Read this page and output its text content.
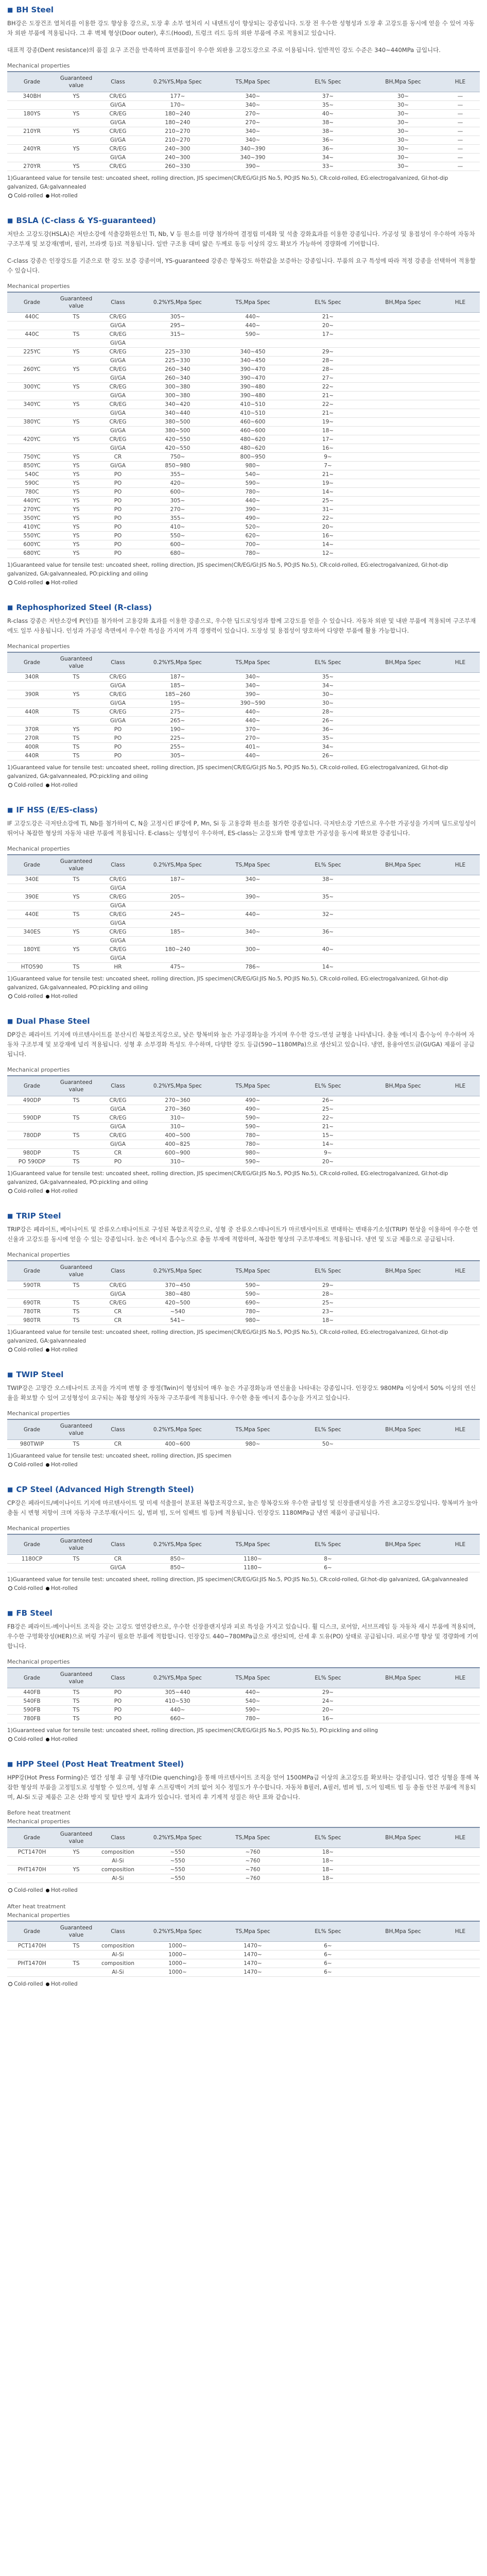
■ BH Steel
BH강은 도장건조 열처리를 이용한 강도 향상용 강으로, 도장 후 소부 열처리 시 내덴트성이 향상되는 강종입니다. 도장 전 우수한 성형성과 도장 후 고강도를 동시에 얻을 수 있어 자동차 외판 부품에 적용됩니다. 그 후 벽체 형상(Door outer), 후드(Hood), 트렁크 리드 등의 외판 부품에 주로 적용되고 있습니다.
대표적 강종(Dent resistance)의 품질 요구 조건을 만족하며 표면품질이 우수한 외판용 고강도강으로 주로 이용됩니다. 일반적인 강도 수준은 340~440MPa 급입니다.
Mechanical properties
Grade	Guaranteed value	Class	0.2%YS,Mpa Spec	TS,Mpa Spec	EL% Spec	BH,Mpa Spec	HLE
340BH	YS	CR/EG	177~	340~	37~	30~	—
		GI/GA	170~	340~	35~	30~	—
180YS	YS	CR/EG	180~240	270~	40~	30~	—
		GI/GA	180~240	270~	38~	30~	—
210YR	YS	CR/EG	210~270	340~	38~	30~	—
		GI/GA	210~270	340~	36~	30~	—
240YR	YS	CR/EG	240~300	340~390	36~	30~	—
		GI/GA	240~300	340~390	34~	30~	—
270YR	YS	CR/EG	260~330	390~	33~	30~	—
1)Guaranteed value for tensile test: uncoated sheet, rolling direction, JIS specimen(CR/EG/GI:JIS No.5, PO:JIS No.5), CR:cold-rolled, EG:electrogalvanized, GI:hot-dip galvanized, GA:galvannealed
Cold-rolled Hot-rolled
■ BSLA (C-class & YS-guaranteed)
저탄소 고강도강(HSLA)은 저탄소강에 석출강화원소인 Ti, Nb, V 등 원소를 미량 첨가하여 결정립 미세화 및 석출 강화효과를 이용한 강종입니다. 가공성 및 용접성이 우수하여 자동차 구조부재 및 보강재(멤버, 필러, 브라켓 등)로 적용됩니다. 일반 구조용 대비 얇은 두께로 동등 이상의 강도 확보가 가능하여 경량화에 기여합니다.
C-class 강종은 인장강도를 기준으로 한 강도 보증 강종이며, YS-guaranteed 강종은 항복강도 하한값을 보증하는 강종입니다. 부품의 요구 특성에 따라 적정 강종을 선택하여 적용할 수 있습니다.
Mechanical properties
Grade	Guaranteed value	Class	0.2%YS,Mpa Spec	TS,Mpa Spec	EL% Spec	BH,Mpa Spec	HLE
440C	TS	CR/EG	305~	440~	21~		
		GI/GA	295~	440~	20~		
440C	TS	CR/EG	315~	590~	17~		
		GI/GA					
225YC	YS	CR/EG	225~330	340~450	29~		
		GI/GA	225~330	340~450	28~		
260YC	YS	CR/EG	260~340	390~470	28~		
		GI/GA	260~340	390~470	27~		
300YC	YS	CR/EG	300~380	390~480	22~		
		GI/GA	300~380	390~480	21~		
340YC	YS	CR/EG	340~420	410~510	22~		
		GI/GA	340~440	410~510	21~		
380YC	YS	CR/EG	380~500	460~600	19~		
		GI/GA	380~500	460~600	18~		
420YC	YS	CR/EG	420~550	480~620	17~		
		GI/GA	420~550	480~620	16~		
750YC	YS	CR	750~	800~950	9~		
850YC	YS	GI/GA	850~980	980~	7~		
540C	YS	PO	355~	540~	21~		
590C	YS	PO	420~	590~	19~		
780C	YS	PO	600~	780~	14~		
440YC	YS	PO	305~	440~	25~		
270YC	YS	PO	270~	390~	31~		
350YC	YS	PO	355~	490~	22~		
410YC	YS	PO	410~	520~	20~		
550YC	YS	PO	550~	620~	16~		
600YC	YS	PO	600~	700~	14~		
680YC	YS	PO	680~	780~	12~		
1)Guaranteed value for tensile test: uncoated sheet, rolling direction, JIS specimen(CR/EG/GI:JIS No.5, PO:JIS No.5), CR:cold-rolled, EG:electrogalvanized, GI:hot-dip galvanized, GA:galvannealed, PO:pickling and oiling
Cold-rolled Hot-rolled
■ Rephosphorized Steel (R-class)
R-class 강종은 저탄소강에 P(인)를 첨가하여 고용강화 효과를 이용한 강종으로, 우수한 딥드로잉성과 함께 고강도를 얻을 수 있습니다. 자동차 외판 및 내판 부품에 적용되며 구조부재에도 일부 사용됩니다. 인성과 가공성 측면에서 우수한 특성을 가지며 가격 경쟁력이 있습니다. 도장성 및 용접성이 양호하여 다양한 부품에 활용 가능합니다.
Mechanical properties
Grade	Guaranteed value	Class	0.2%YS,Mpa Spec	TS,Mpa Spec	EL% Spec	BH,Mpa Spec	HLE
340R	TS	CR/EG	187~	340~	35~		
		GI/GA	185~	340~	34~		
390R	YS	CR/EG	185~260	390~	30~		
		GI/GA	195~	390~590	30~		
440R	TS	CR/EG	275~	440~	28~		
		GI/GA	265~	440~	26~		
370R	YS	PO	190~	370~	36~		
270R	TS	PO	225~	270~	35~		
400R	TS	PO	255~	401~	34~		
440R	TS	PO	305~	440~	26~		
1)Guaranteed value for tensile test: uncoated sheet, rolling direction, JIS specimen(CR/EG/GI:JIS No.5, PO:JIS No.5), CR:cold-rolled, EG:electrogalvanized, GI:hot-dip galvanized, GA:galvannealed, PO:pickling and oiling
Cold-rolled Hot-rolled
■ IF HSS (E/ES-class)
IF 고강도강은 극저탄소강에 Ti, Nb를 첨가하여 C, N을 고정시킨 IF강에 P, Mn, Si 등 고용강화 원소를 첨가한 강종입니다. 극저탄소강 기반으로 우수한 가공성을 가지며 딥드로잉성이 뛰어나 복잡한 형상의 자동차 내판 부품에 적용됩니다. E-class는 성형성이 우수하며, ES-class는 고강도와 함께 양호한 가공성을 동시에 확보한 강종입니다.
Mechanical properties
Grade	Guaranteed value	Class	0.2%YS,Mpa Spec	TS,Mpa Spec	EL% Spec	BH,Mpa Spec	HLE
340E	TS	CR/EG	187~	340~	38~		
		GI/GA					
390E	YS	CR/EG	205~	390~	35~		
		GI/GA					
440E	TS	CR/EG	245~	440~	32~		
		GI/GA					
340ES	YS	CR/EG	185~	340~	36~		
		GI/GA					
180YE	YS	CR/EG	180~240	300~	40~		
		GI/GA					
HTO590	TS	HR	475~	786~	14~		
1)Guaranteed value for tensile test: uncoated sheet, rolling direction, JIS specimen(CR/EG/GI:JIS No.5, PO:JIS No.5), CR:cold-rolled, EG:electrogalvanized, GI:hot-dip galvanized, GA:galvannealed, PO:pickling and oiling
Cold-rolled Hot-rolled
■ Dual Phase Steel
DP강은 페라이트 기지에 마르텐사이트를 분산시킨 복합조직강으로, 낮은 항복비와 높은 가공경화능을 가지며 우수한 강도-연성 균형을 나타냅니다. 충돌 에너지 흡수능이 우수하여 자동차 구조부재 및 보강재에 널리 적용됩니다. 성형 후 소부경화 특성도 우수하며, 다양한 강도 등급(590~1180MPa)으로 생산되고 있습니다. 냉연, 용융아연도금(GI/GA) 제품이 공급됩니다.
Mechanical properties
Grade	Guaranteed value	Class	0.2%YS,Mpa Spec	TS,Mpa Spec	EL% Spec	BH,Mpa Spec	HLE
490DP	TS	CR/EG	270~360	490~	26~		
		GI/GA	270~360	490~	25~		
590DP	TS	CR/EG	310~	590~	22~		
		GI/GA	310~	590~	21~		
780DP	TS	CR/EG	400~500	780~	15~		
		GI/GA	400~825	780~	14~		
980DP	TS	CR	600~900	980~	9~		
PO 590DP	TS	PO	310~	590~	20~		
1)Guaranteed value for tensile test: uncoated sheet, rolling direction, JIS specimen(CR/EG/GI:JIS No.5, PO:JIS No.5), CR:cold-rolled, EG:electrogalvanized, GI:hot-dip galvanized, GA:galvannealed, PO:pickling and oiling
Cold-rolled Hot-rolled
■ TRIP Steel
TRIP강은 페라이트, 베이나이트 및 잔류오스테나이트로 구성된 복합조직강으로, 성형 중 잔류오스테나이트가 마르텐사이트로 변태하는 변태유기소성(TRIP) 현상을 이용하여 우수한 연신율과 고강도를 동시에 얻을 수 있는 강종입니다. 높은 에너지 흡수능으로 충돌 부재에 적합하며, 복잡한 형상의 구조부재에도 적용됩니다. 냉연 및 도금 제품으로 공급됩니다.
Mechanical properties
Grade	Guaranteed value	Class	0.2%YS,Mpa Spec	TS,Mpa Spec	EL% Spec	BH,Mpa Spec	HLE
590TR	TS	CR/EG	370~450	590~	29~		
		GI/GA	380~480	590~	28~		
690TR	TS	CR/EG	420~500	690~	25~		
780TR	TS	CR	~540	780~	23~		
980TR	TS	CR	541~	980~	18~		
1)Guaranteed value for tensile test: uncoated sheet, rolling direction, JIS specimen(CR/EG/GI:JIS No.5, PO:JIS No.5), CR:cold-rolled, EG:electrogalvanized, GI:hot-dip galvanized, GA:galvannealed
Cold-rolled Hot-rolled
■ TWIP Steel
TWIP강은 고망간 오스테나이트 조직을 가지며 변형 중 쌍정(Twin)이 형성되어 매우 높은 가공경화능과 연신율을 나타내는 강종입니다. 인장강도 980MPa 이상에서 50% 이상의 연신율을 확보할 수 있어 고성형성이 요구되는 복잡 형상의 자동차 구조부품에 적용됩니다. 우수한 충돌 에너지 흡수능을 가지고 있습니다.
Mechanical properties
Grade	Guaranteed value	Class	0.2%YS,Mpa Spec	TS,Mpa Spec	EL% Spec	BH,Mpa Spec	HLE
980TWIP	TS	CR	400~600	980~	50~		
1)Guaranteed value for tensile test: uncoated sheet, rolling direction, JIS specimen
Cold-rolled Hot-rolled
■ CP Steel (Advanced High Strength Steel)
CP강은 페라이트/베이나이트 기지에 마르텐사이트 및 미세 석출물이 분포된 복합조직강으로, 높은 항복강도와 우수한 굽힘성 및 신장플랜지성을 가진 초고강도강입니다. 항복비가 높아 충돌 시 변형 저항이 크며 자동차 구조부재(사이드 실, 범퍼 빔, 도어 임팩트 빔 등)에 적용됩니다. 인장강도 1180MPa급 냉연 제품이 공급됩니다.
Mechanical properties
Grade	Guaranteed value	Class	0.2%YS,Mpa Spec	TS,Mpa Spec	EL% Spec	BH,Mpa Spec	HLE
1180CP	TS	CR	850~	1180~	8~		
		GI/GA	850~	1180~	6~		
1)Guaranteed value for tensile test: uncoated sheet, rolling direction, JIS specimen(CR/EG/GI:JIS No.5, PO:JIS No.5), CR:cold-rolled, GI:hot-dip galvanized, GA:galvannealed
Cold-rolled Hot-rolled
■ FB Steel
FB강은 페라이트-베이나이트 조직을 갖는 고강도 열연강판으로, 우수한 신장플랜지성과 피로 특성을 가지고 있습니다. 휠 디스크, 로어암, 서브프레임 등 자동차 섀시 부품에 적용되며, 우수한 구멍확장성(HER)으로 버링 가공이 필요한 부품에 적합합니다. 인장강도 440~780MPa급으로 생산되며, 산세 후 도유(PO) 상태로 공급됩니다. 피로수명 향상 및 경량화에 기여합니다.
Mechanical properties
Grade	Guaranteed value	Class	0.2%YS,Mpa Spec	TS,Mpa Spec	EL% Spec	BH,Mpa Spec	HLE
440FB	TS	PO	305~440	440~	29~		
540FB	TS	PO	410~530	540~	24~		
590FB	TS	PO	440~	590~	20~		
780FB	TS	PO	660~	780~	16~		
1)Guaranteed value for tensile test: uncoated sheet, rolling direction, JIS specimen(CR/EG/GI:JIS No.5, PO:JIS No.5), PO:pickling and oiling
Cold-rolled Hot-rolled
■ HPP Steel (Post Heat Treatment Steel)
HPP강(Hot Press Forming)은 열간 성형 후 금형 냉각(Die quenching)을 통해 마르텐사이트 조직을 얻어 1500MPa급 이상의 초고강도를 확보하는 강종입니다. 열간 성형을 통해 복잡한 형상의 부품을 고정밀도로 성형할 수 있으며, 성형 후 스프링백이 거의 없어 치수 정밀도가 우수합니다. 자동차 B필러, A필러, 범퍼 빔, 도어 임팩트 빔 등 충돌 안전 부품에 적용되며, Al-Si 도금 제품은 고온 산화 방지 및 탈탄 방지 효과가 있습니다. 열처리 후 기계적 성질은 하단 표와 같습니다.
Before heat treatment
Mechanical properties
Grade	Guaranteed value	Class	0.2%YS,Mpa Spec	TS,Mpa Spec	EL% Spec	BH,Mpa Spec	HLE
PCT1470H	YS	composition	~550	~760	18~		
		Al-Si	~550	~760	18~		
PHT1470H	YS	composition	~550	~760	18~		
		Al-Si	~550	~760	18~		
Cold-rolled Hot-rolled
After heat treatment
Mechanical properties
Grade	Guaranteed value	Class	0.2%YS,Mpa Spec	TS,Mpa Spec	EL% Spec	BH,Mpa Spec	HLE
PCT1470H	TS	composition	1000~	1470~	6~		
		Al-Si	1000~	1470~	6~		
PHT1470H	TS	composition	1000~	1470~	6~		
		Al-Si	1000~	1470~	6~		
Cold-rolled Hot-rolled
